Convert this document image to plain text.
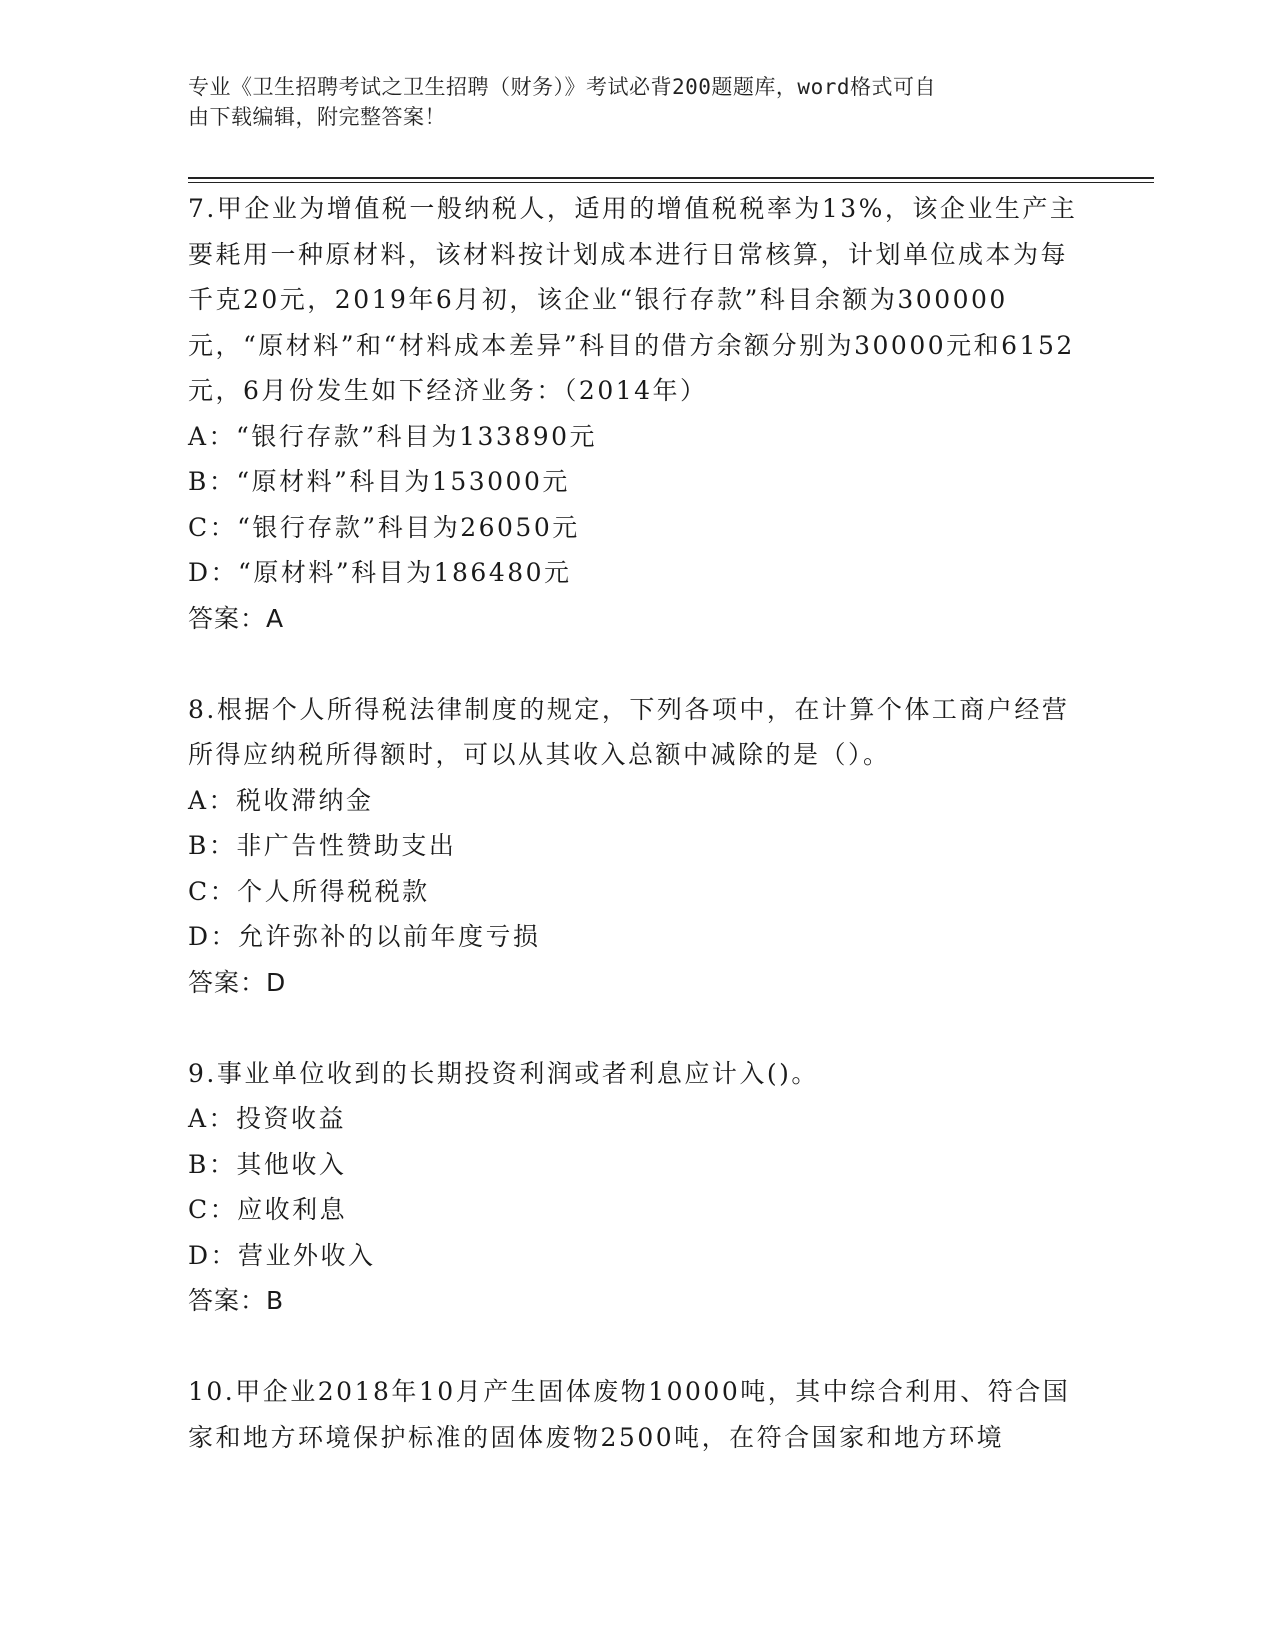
专业《卫生招聘考试之卫生招聘（财务）》考试必背200题题库，word格式可自
由下载编辑，附完整答案！

7.甲企业为增值税一般纳税人，适用的增值税税率为13%，该企业生产主要耗用一种原材料，该材料按计划成本进行日常核算，计划单位成本为每千克20元，2019年6月初，该企业“银行存款”科目余额为300000元，“原材料”和“材料成本差异”科目的借方余额分别为30000元和6152元，6月份发生如下经济业务：（2014年）

A：“银行存款”科目为133890元

B：“原材料”科目为153000元

C：“银行存款”科目为26050元

D：“原材料”科目为186480元

答案：A

8.根据个人所得税法律制度的规定，下列各项中，在计算个体工商户经营所得应纳税所得额时，可以从其收入总额中减除的是（）。

A：税收滞纳金

B：非广告性赞助支出

C：个人所得税税款

D：允许弥补的以前年度亏损

答案：D

9.事业单位收到的长期投资利润或者利息应计入()。

A：投资收益

B：其他收入

C：应收利息

D：营业外收入

答案：B

10.甲企业2018年10月产生固体废物10000吨，其中综合利用、符合国家和地方环境保护标准的固体废物2500吨，在符合国家和地方环境
